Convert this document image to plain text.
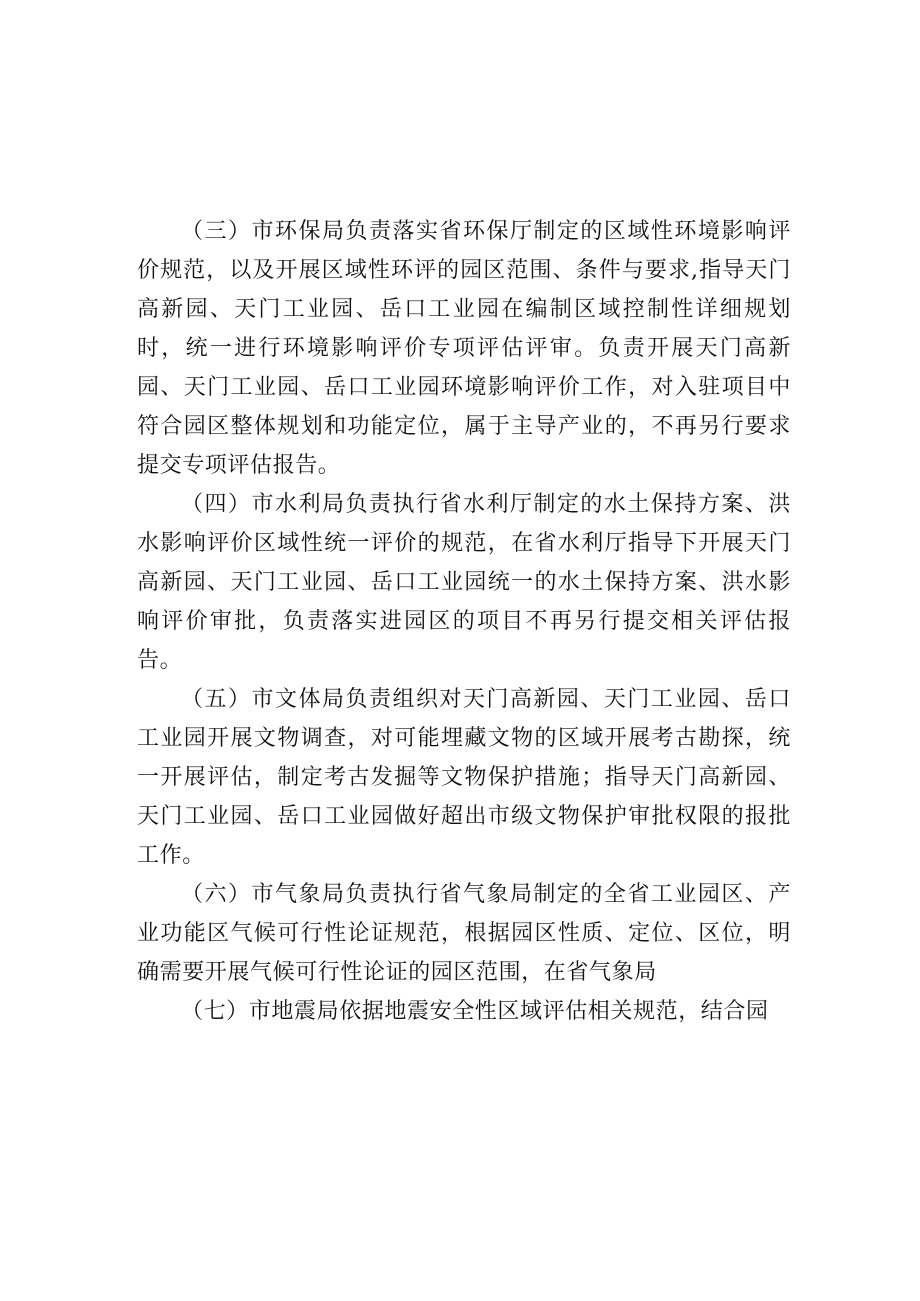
（三）市环保局负责落实省环保厅制定的区域性环境影响评价规范，以及开展区域性环评的园区范围、条件与要求,指导天门高新园、天门工业园、岳口工业园在编制区域控制性详细规划时，统一进行环境影响评价专项评估评审。负责开展天门高新园、天门工业园、岳口工业园环境影响评价工作，对入驻项目中符合园区整体规划和功能定位，属于主导产业的，不再另行要求提交专项评估报告。

（四）市水利局负责执行省水利厅制定的水土保持方案、洪水影响评价区域性统一评价的规范，在省水利厅指导下开展天门高新园、天门工业园、岳口工业园统一的水土保持方案、洪水影响评价审批，负责落实进园区的项目不再另行提交相关评估报告。

（五）市文体局负责组织对天门高新园、天门工业园、岳口工业园开展文物调查，对可能埋藏文物的区域开展考古勘探，统一开展评估，制定考古发掘等文物保护措施；指导天门高新园、天门工业园、岳口工业园做好超出市级文物保护审批权限的报批工作。

（六）市气象局负责执行省气象局制定的全省工业园区、产业功能区气候可行性论证规范，根据园区性质、定位、区位，明确需要开展气候可行性论证的园区范围，在省气象局

（七）市地震局依据地震安全性区域评估相关规范，结合园
